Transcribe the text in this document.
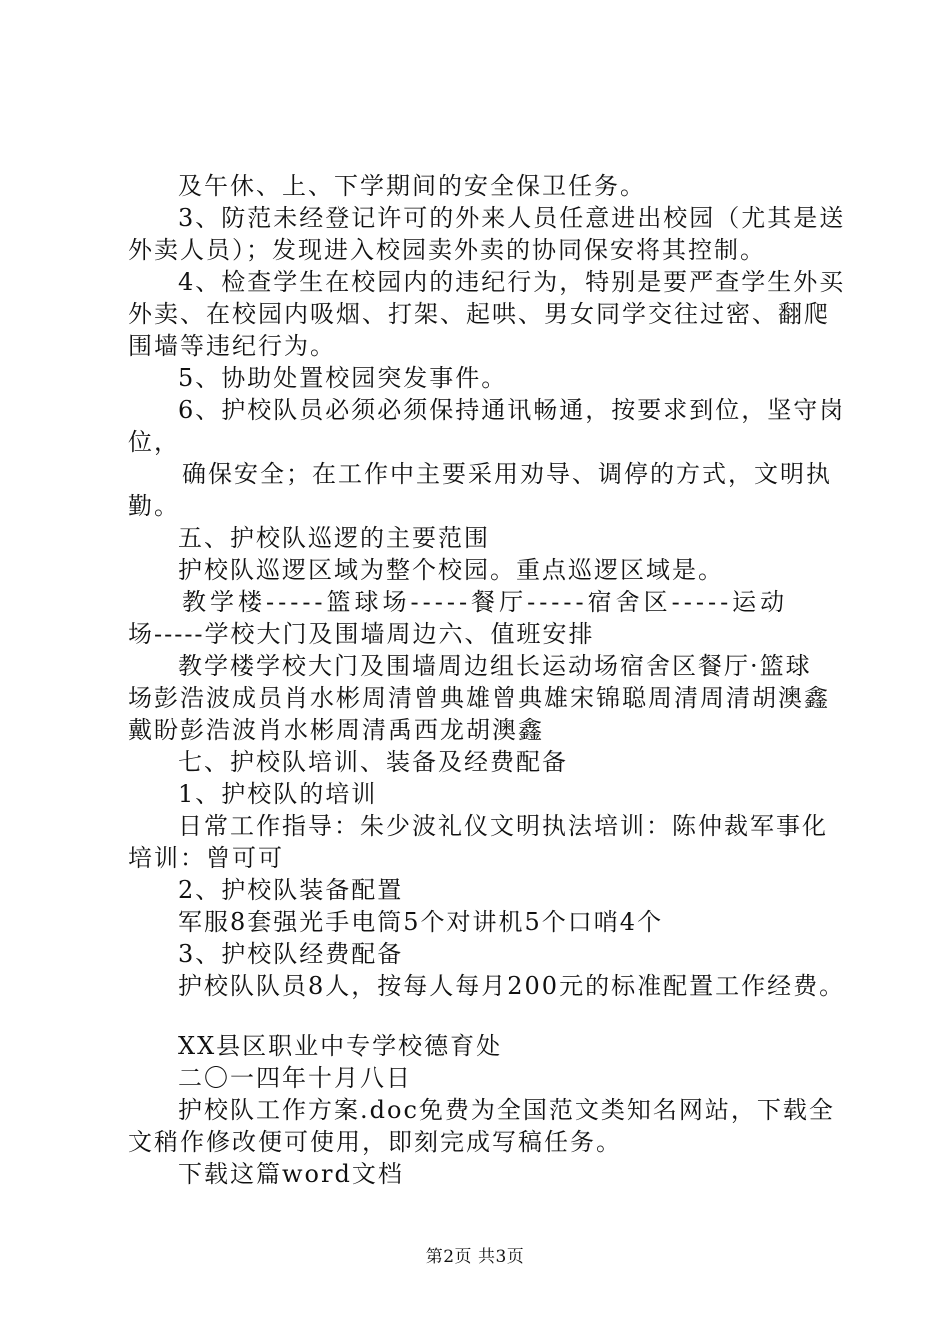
及午休、上、下学期间的安全保卫任务。

3、防范未经登记许可的外来人员任意进出校园（尤其是送

外卖人员）；发现进入校园卖外卖的协同保安将其控制。

4、检查学生在校园内的违纪行为，特别是要严查学生外买

外卖、在校园内吸烟、打架、起哄、男女同学交往过密、翻爬

围墙等违纪行为。

5、协助处置校园突发事件。

6、护校队员必须必须保持通讯畅通，按要求到位，坚守岗

位，

确保安全；在工作中主要采用劝导、调停的方式，文明执

勤。

五、护校队巡逻的主要范围

护校队巡逻区域为整个校园。重点巡逻区域是。

教学楼-----篮球场-----餐厅-----宿舍区-----运动

场-----学校大门及围墙周边六、值班安排

教学楼学校大门及围墙周边组长运动场宿舍区餐厅·篮球

场彭浩波成员肖水彬周清曾典雄曾典雄宋锦聪周清周清胡澳鑫

戴盼彭浩波肖水彬周清禹西龙胡澳鑫

七、护校队培训、装备及经费配备

1、护校队的培训

日常工作指导：朱少波礼仪文明执法培训：陈仲裁军事化

培训：曾可可

2、护校队装备配置

军服8套强光手电筒5个对讲机5个口哨4个

3、护校队经费配备

护校队队员8人，按每人每月200元的标准配置工作经费。

XX县区职业中专学校德育处

二〇一四年十月八日

护校队工作方案.doc免费为全国范文类知名网站，下载全

文稍作修改便可使用，即刻完成写稿任务。

下载这篇word文档

第2页 共3页
